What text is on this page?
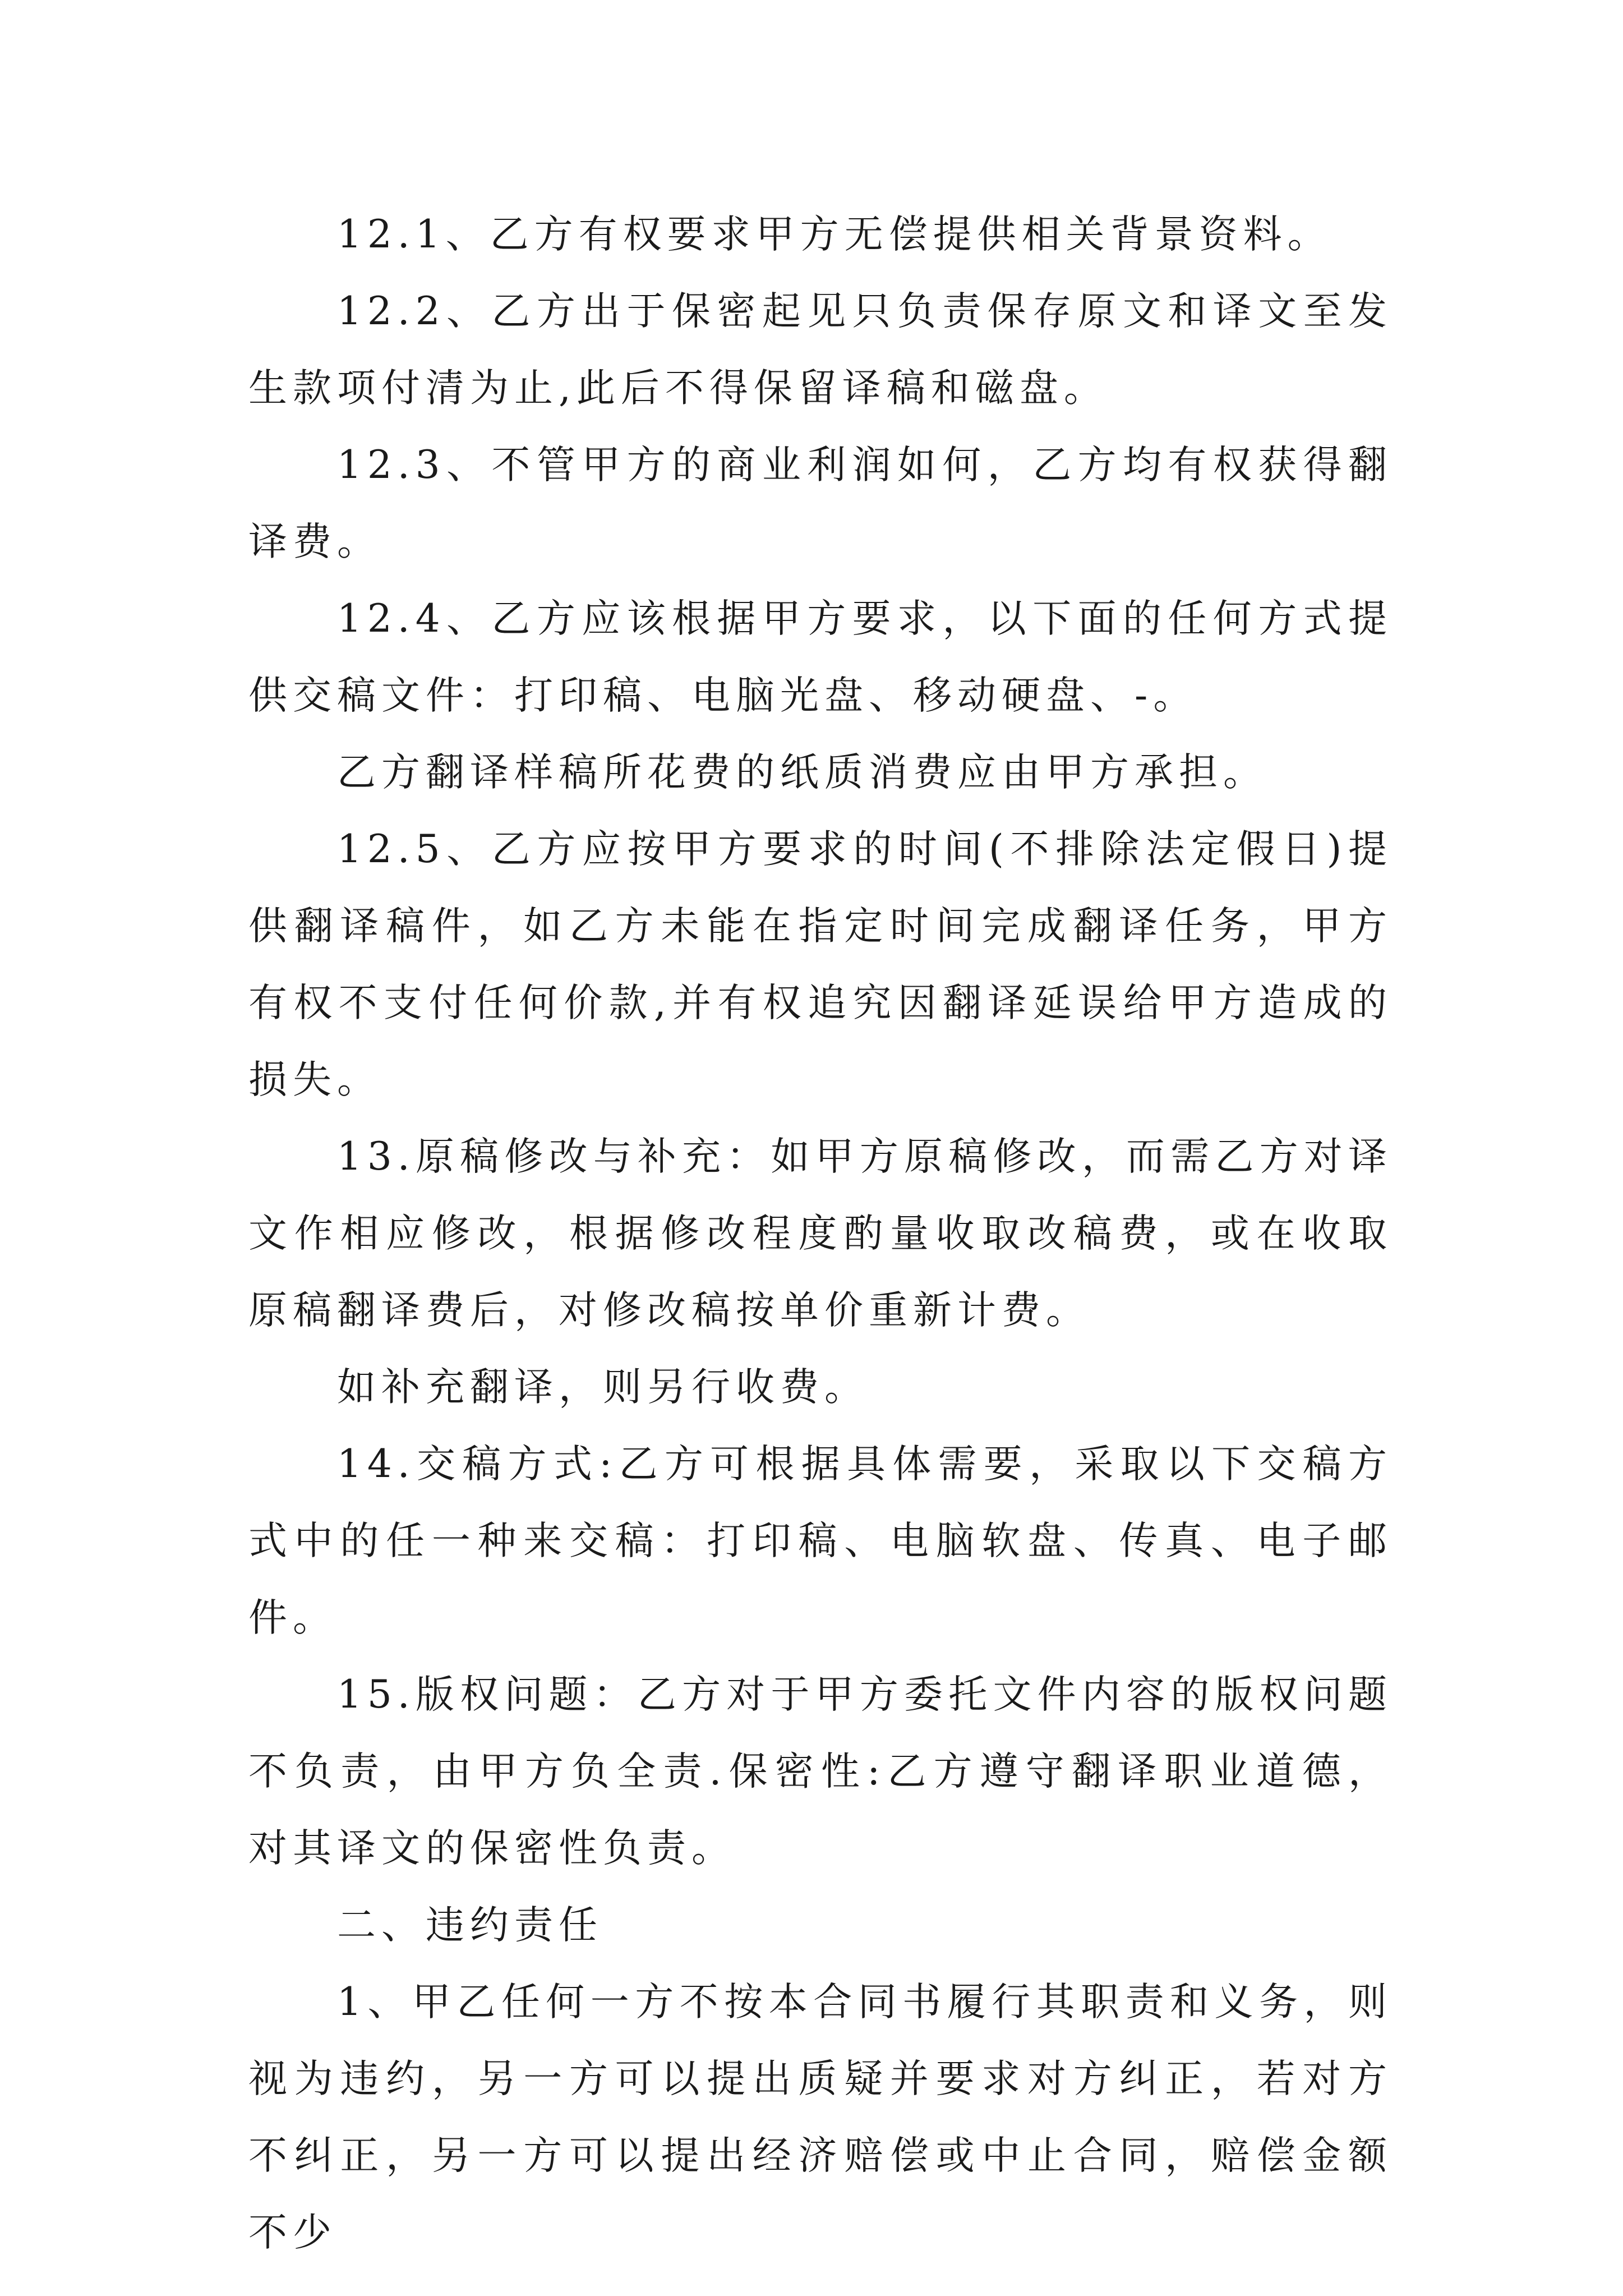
12.1、乙方有权要求甲方无偿提供相关背景资料。

12.2、乙方出于保密起见只负责保存原文和译文至发生款项付清为止,此后不得保留译稿和磁盘。

12.3、不管甲方的商业利润如何，乙方均有权获得翻译费。

12.4、乙方应该根据甲方要求，以下面的任何方式提供交稿文件：打印稿、电脑光盘、移动硬盘、-。

乙方翻译样稿所花费的纸质消费应由甲方承担。

12.5、乙方应按甲方要求的时间(不排除法定假日)提供翻译稿件，如乙方未能在指定时间完成翻译任务，甲方有权不支付任何价款,并有权追究因翻译延误给甲方造成的损失。

13.原稿修改与补充：如甲方原稿修改，而需乙方对译文作相应修改，根据修改程度酌量收取改稿费，或在收取原稿翻译费后，对修改稿按单价重新计费。

如补充翻译，则另行收费。

14.交稿方式:乙方可根据具体需要，采取以下交稿方式中的任一种来交稿：打印稿、电脑软盘、传真、电子邮件。

15.版权问题：乙方对于甲方委托文件内容的版权问题不负责，由甲方负全责.保密性:乙方遵守翻译职业道德，对其译文的保密性负责。

二、违约责任

1、甲乙任何一方不按本合同书履行其职责和义务，则视为违约，另一方可以提出质疑并要求对方纠正，若对方不纠正，另一方可以提出经济赔偿或中止合同，赔偿金额不少
